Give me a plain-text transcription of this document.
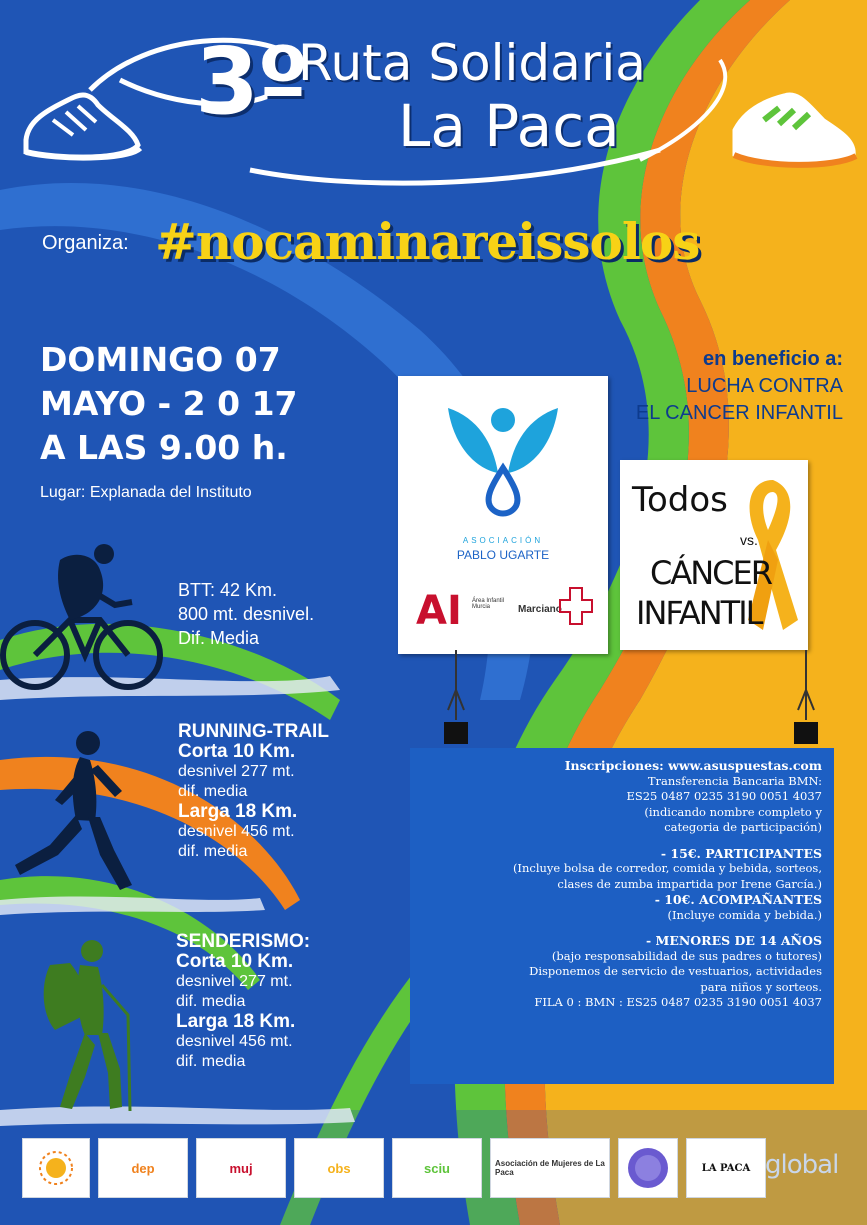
3º
Ruta Solidaria
La Paca
Organiza: #nocaminareissolos
DOMINGO 07
MAYO - 2 0 17
A LAS 9.00 h.
Lugar: Explanada del Instituto
en beneficio a:
LUCHA CONTRA
EL CANCER INFANTIL
ASOCIACIÓN
PABLO UGARTE
AI Área Infantil Murcia	Marciano
Todos
vs.
CÁNCER
INFANTIL
BTT: 42 Km.
800 mt. desnivel.
Dif. Media
RUNNING-TRAIL
Corta 10 Km.
desnivel 277 mt.
dif. media
Larga 18 Km.
desnivel 456 mt.
dif. media
SENDERISMO:
Corta 10 Km.
desnivel 277 mt.
dif. media
Larga 18 Km.
desnivel 456 mt.
dif. media
Inscripciones: www.asuspuestas.com
Transferencia Bancaria BMN:
ES25 0487 0235 3190 0051 4037
(indicando nombre completo y
categoria de participación)
- 15€. PARTICIPANTES
(Incluye bolsa de corredor, comida y bebida, sorteos,
clases de zumba impartida por Irene García.)
- 10€. ACOMPAÑANTES
(Incluye comida y bebida.)
- MENORES DE 14 AÑOS
(bajo responsabilidad de sus padres o tutores)
Disponemos de servicio de vestuarios, actividades
para niños y sorteos.
FILA 0 : BMN : ES25 0487 0235 3190 0051 4037
dep	muj	obs	sciu	Asociación de Mujeres de La Paca	LA PACA global
